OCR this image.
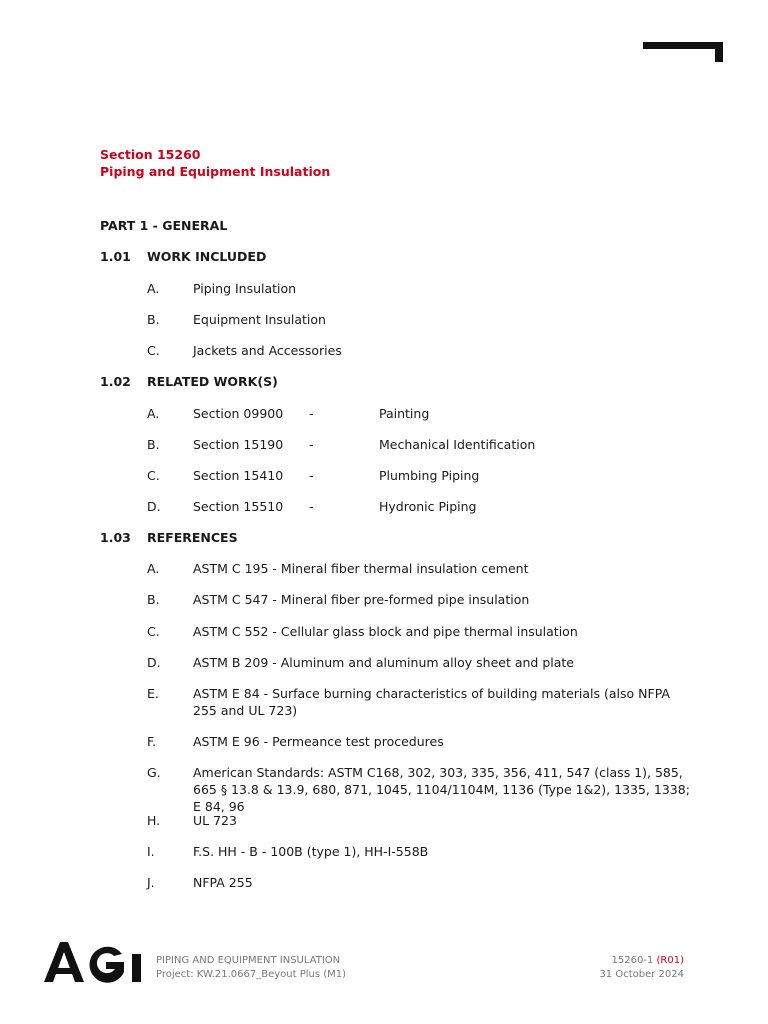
Section 15260
Piping and Equipment Insulation
PART 1 - GENERAL
1.01 WORK INCLUDED
A.	Piping Insulation
B.	Equipment Insulation
C.	Jackets and Accessories
1.02 RELATED WORK(S)
A.	Section 09900 -	Painting
B.	Section 15190 -	Mechanical Identification
C.	Section 15410 -	Plumbing Piping
D.	Section 15510 -	Hydronic Piping
1.03 REFERENCES
A.	ASTM C 195 - Mineral fiber thermal insulation cement
B.	ASTM C 547 - Mineral fiber pre-formed pipe insulation
C.	ASTM C 552 - Cellular glass block and pipe thermal insulation
D.	ASTM B 209 - Aluminum and aluminum alloy sheet and plate
E.	ASTM E 84 - Surface burning characteristics of building materials (also NFPA 255 and UL 723)
F.	ASTM E 96 - Permeance test procedures
G.	American Standards: ASTM C168, 302, 303, 335, 356, 411, 547 (class 1), 585, 665 § 13.8 & 13.9, 680, 871, 1045, 1104/1104M, 1136 (Type 1&2), 1335, 1338; E 84, 96
H.	UL 723
I.	F.S. HH - B - 100B (type 1), HH-I-558B
J.	NFPA 255
PIPING AND EQUIPMENT INSULATION
Project: KW.21.0667_Beyout Plus (M1)
15260-1 (R01)
31 October 2024
